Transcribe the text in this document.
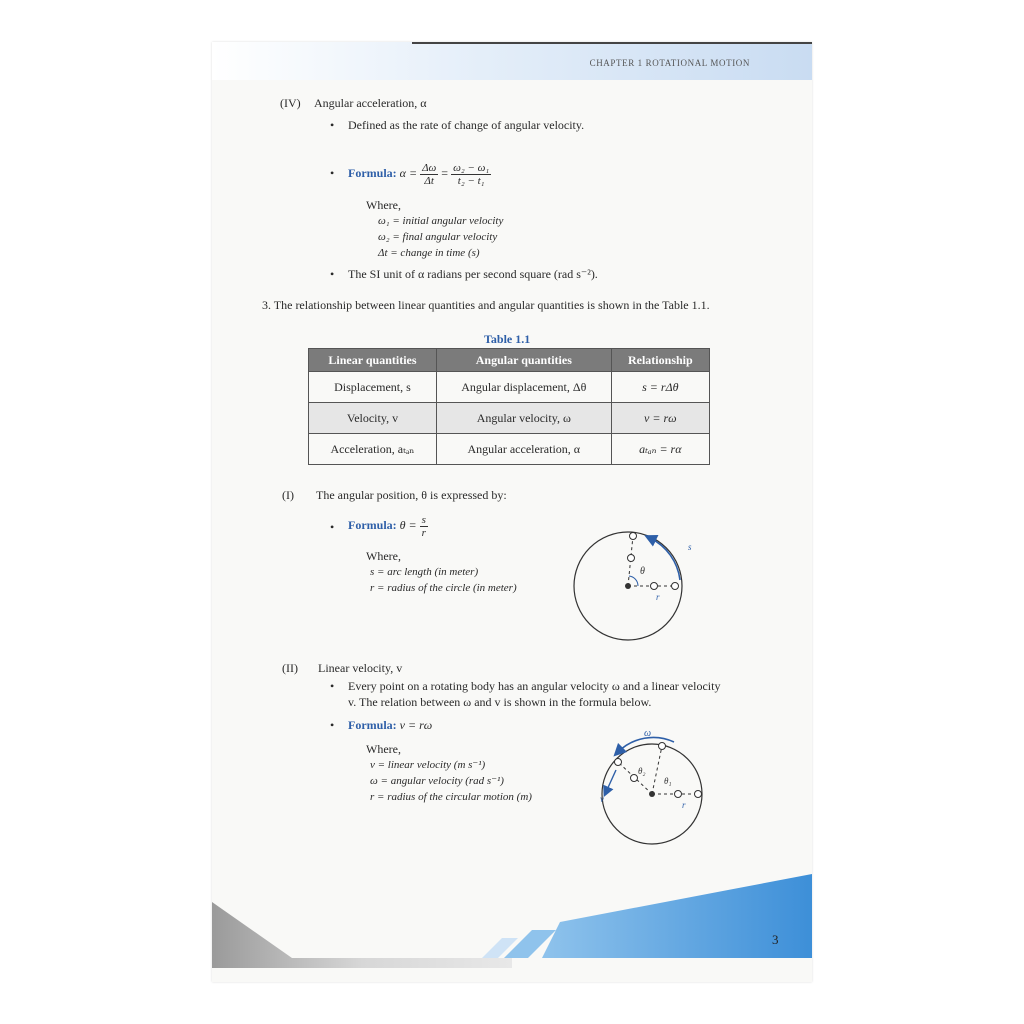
CHAPTER 1 ROTATIONAL MOTION
(IV) Angular acceleration, α
• Defined as the rate of change of angular velocity.
• Formula: $\alpha = \frac{\Delta\omega}{\Delta t} = \frac{\text{ω₂ − ω₁}}{\text{t₂ − t₁}}$
Where,
ω₁ = initial angular velocity
ω₂ = final angular velocity
Δt = change in time (s)
• The SI unit of α radians per second square (rad s⁻²).
3. The relationship between linear quantities and angular quantities is shown in the Table 1.1.
Table 1.1
Linear quantities	Angular quantities	Relationship
Displacement, s	Angular displacement, Δθ	s = rΔθ
Velocity, v	Angular velocity, ω	v = rω
Acceleration, aₜₐₙ	Angular acceleration, α	aₜₐₙ = rα
(I) The angular position, θ is expressed by:
• Formula: $\theta = \frac{s}{r}$
Where,
s = arc length (in meter)
r = radius of the circle (in meter)
s
θ
r
(II) Linear velocity, v
• Every point on a rotating body has an angular velocity ω and a linear velocity
v. The relation between ω and v is shown in the formula below.
• Formula: v = rω
Where,
v = linear velocity (m s⁻¹)
ω = angular velocity (rad s⁻¹)
r = radius of the circular motion (m)
ω
θ₂
θ₁
v
r
3
